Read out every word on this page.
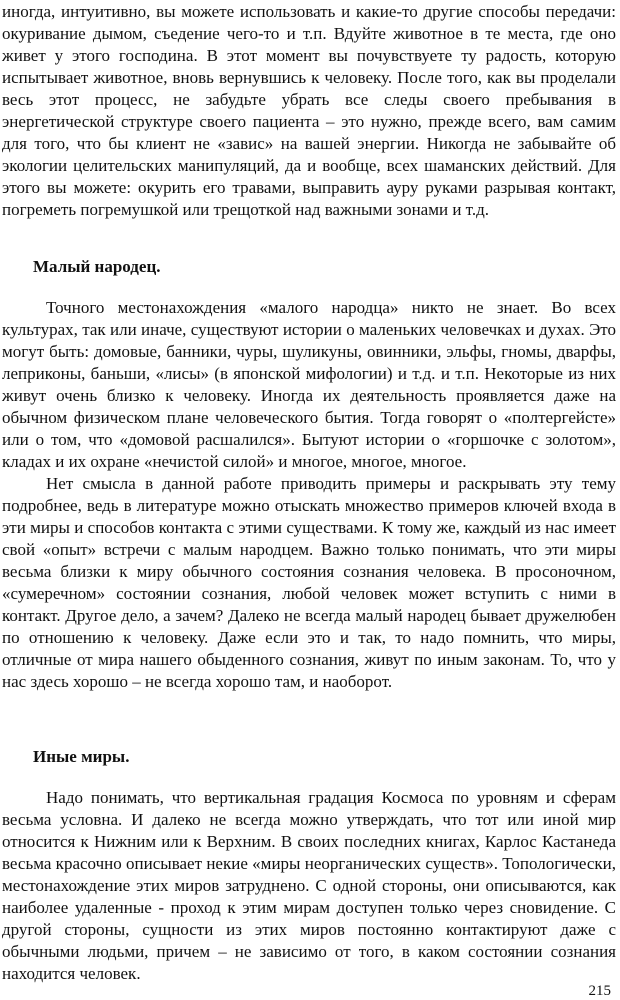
иногда, интуитивно, вы можете использовать и какие-то другие способы передачи: окуривание дымом, съедение чего-то и т.п. Вдуйте животное в те места, где оно живет у этого господина. В этот момент вы почувствуете ту радость, которую испытывает животное, вновь вернувшись к человеку. После того, как вы проделали весь этот процесс, не забудьте убрать все следы своего пребывания в энергетической структуре своего пациента – это нужно, прежде всего, вам самим для того, что бы клиент не «завис» на вашей энергии. Никогда не забывайте об экологии целительских манипуляций, да и вообще, всех шаманских действий. Для этого вы можете: окурить его травами, выправить ауру руками разрывая контакт, погреметь погремушкой или трещоткой над важными зонами и т.д.

Малый народец.

Точного местонахождения «малого народца» никто не знает. Во всех культурах, так или иначе, существуют истории о маленьких человечках и духах. Это могут быть: домовые, банники, чуры, шуликуны, овинники, эльфы, гномы, дварфы, леприконы, баньши, «лисы» (в японской мифологии) и т.д. и т.п. Некоторые из них живут очень близко к человеку. Иногда их деятельность проявляется даже на обычном физическом плане человеческого бытия. Тогда говорят о «полтергейсте» или о том, что «домовой расшалился». Бытуют истории о «горшочке с золотом», кладах и их охране «нечистой силой» и многое, многое, многое.

Нет смысла в данной работе приводить примеры и раскрывать эту тему подробнее, ведь в литературе можно отыскать множество примеров ключей входа в эти миры и способов контакта с этими существами. К тому же, каждый из нас имеет свой «опыт» встречи с малым народцем. Важно только понимать, что эти миры весьма близки к миру обычного состояния сознания человека. В просоночном, «сумеречном» состоянии сознания, любой человек может вступить с ними в контакт. Другое дело, а зачем? Далеко не всегда малый народец бывает дружелюбен по отношению к человеку. Даже если это и так, то надо помнить, что миры, отличные от мира нашего обыденного сознания, живут по иным законам. То, что у нас здесь хорошо – не всегда хорошо там, и наоборот.

Иные миры.

Надо понимать, что вертикальная градация Космоса по уровням и сферам весьма условна. И далеко не всегда можно утверждать, что тот или иной мир относится к Нижним или к Верхним. В своих последних книгах, Карлос Кастанеда весьма красочно описывает некие «миры неорганических существ». Топологически, местонахождение этих миров затруднено. С одной стороны, они описываются, как наиболее удаленные - проход к этим мирам доступен только через сновидение. С другой стороны, сущности из этих миров постоянно контактируют даже с обычными людьми, причем – не зависимо от того, в каком состоянии сознания находится человек.

215
